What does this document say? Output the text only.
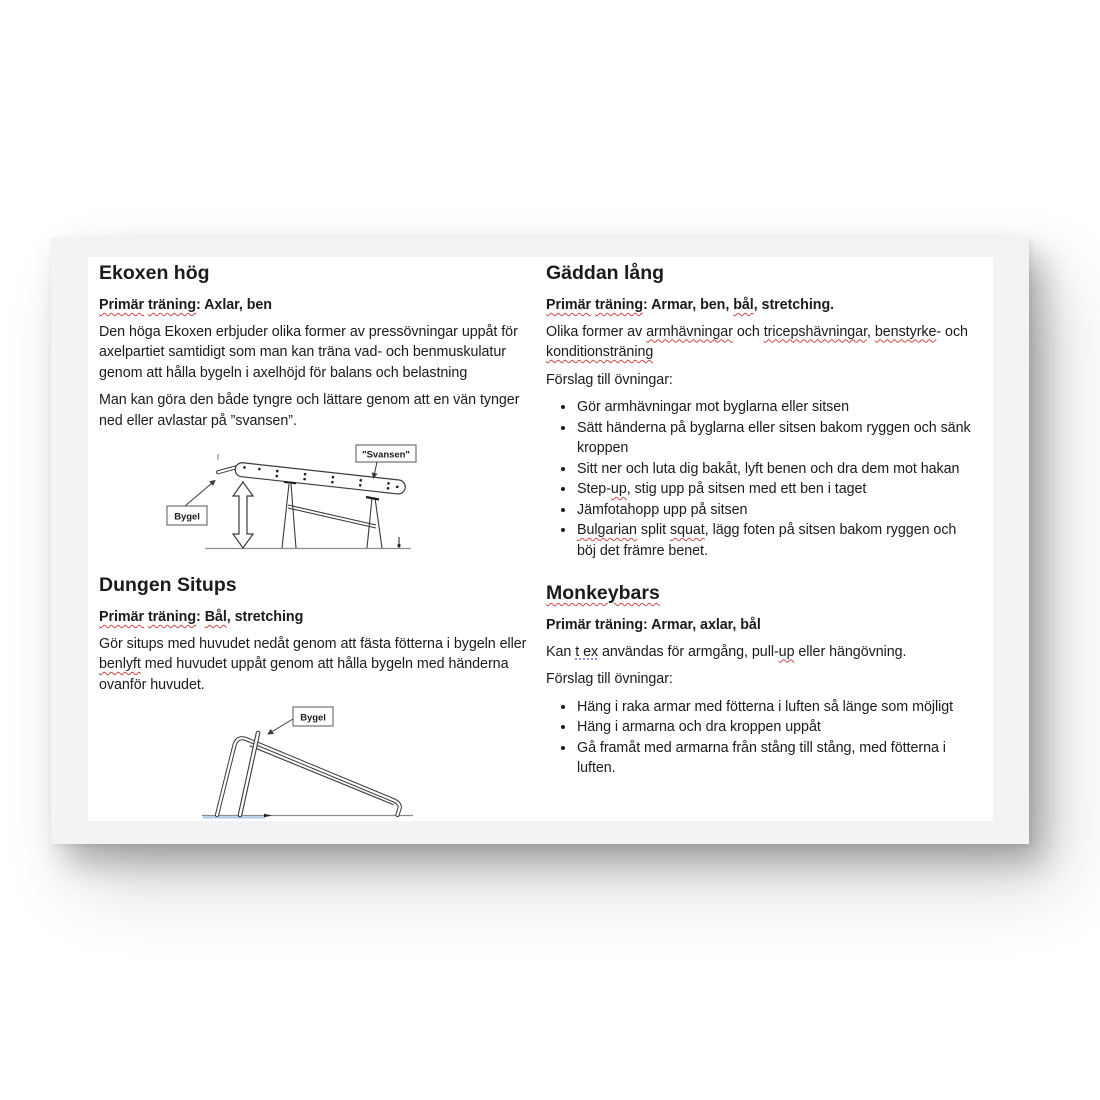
Ekoxen hög

Primär träning: Axlar, ben

Den höga Ekoxen erbjuder olika former av pressövningar uppåt för axelpartiet samtidigt som man kan träna vad- och benmuskulatur genom att hålla bygeln i axelhöjd för balans och belastning

Man kan göra den både tyngre och lättare genom att en vän tynger ned eller avlastar på ”svansen”.

Bygel
"Svansen"
Dungen Situps

Primär träning: Bål, stretching

Gör situps med huvudet nedåt genom att fästa fötterna i bygeln eller benlyft med huvudet uppåt genom att hålla bygeln med händerna ovanför huvudet.

Bygel
Gäddan lång

Primär träning: Armar, ben, bål, stretching.

Olika former av armhävningar och tricepshävningar, benstyrke- och konditionsträning

Förslag till övningar:

• Gör armhävningar mot byglarna eller sitsen
• Sätt händerna på byglarna eller sitsen bakom ryggen och sänk kroppen
• Sitt ner och luta dig bakåt, lyft benen och dra dem mot hakan
• Step-up, stig upp på sitsen med ett ben i taget
• Jämfotahopp upp på sitsen
• Bulgarian split squat, lägg foten på sitsen bakom ryggen och böj det främre benet.
Monkeybars

Primär träning: Armar, axlar, bål

Kan t ex användas för armgång, pull-up eller hängövning.

Förslag till övningar:

• Häng i raka armar med fötterna i luften så länge som möjligt
• Häng i armarna och dra kroppen uppåt
• Gå framåt med armarna från stång till stång, med fötterna i luften.
